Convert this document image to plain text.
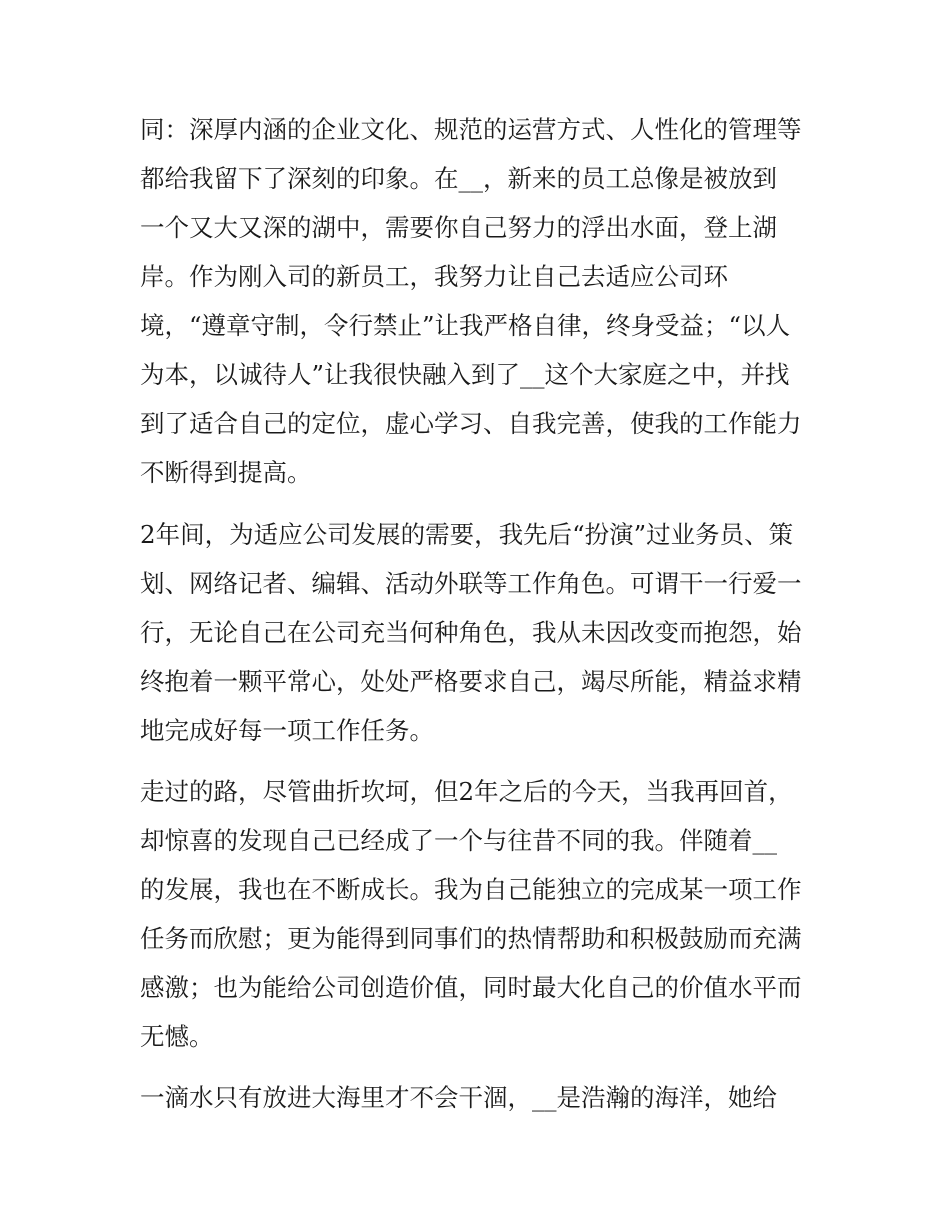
同：深厚内涵的企业文化、规范的运营方式、人性化的管理等
都给我留下了深刻的印象。在__，新来的员工总像是被放到
一个又大又深的湖中，需要你自己努力的浮出水面，登上湖
岸。作为刚入司的新员工，我努力让自己去适应公司环
境，“遵章守制，令行禁止”让我严格自律，终身受益；“以人
为本，以诚待人”让我很快融入到了__这个大家庭之中，并找
到了适合自己的定位，虚心学习、自我完善，使我的工作能力
不断得到提高。
2年间，为适应公司发展的需要，我先后“扮演”过业务员、策
划、网络记者、编辑、活动外联等工作角色。可谓干一行爱一
行，无论自己在公司充当何种角色，我从未因改变而抱怨，始
终抱着一颗平常心，处处严格要求自己，竭尽所能，精益求精
地完成好每一项工作任务。
走过的路，尽管曲折坎坷，但2年之后的今天，当我再回首，
却惊喜的发现自己已经成了一个与往昔不同的我。伴随着__
的发展，我也在不断成长。我为自己能独立的完成某一项工作
任务而欣慰；更为能得到同事们的热情帮助和积极鼓励而充满
感激；也为能给公司创造价值，同时最大化自己的价值水平而
无憾。
一滴水只有放进大海里才不会干涸，__是浩瀚的海洋，她给
